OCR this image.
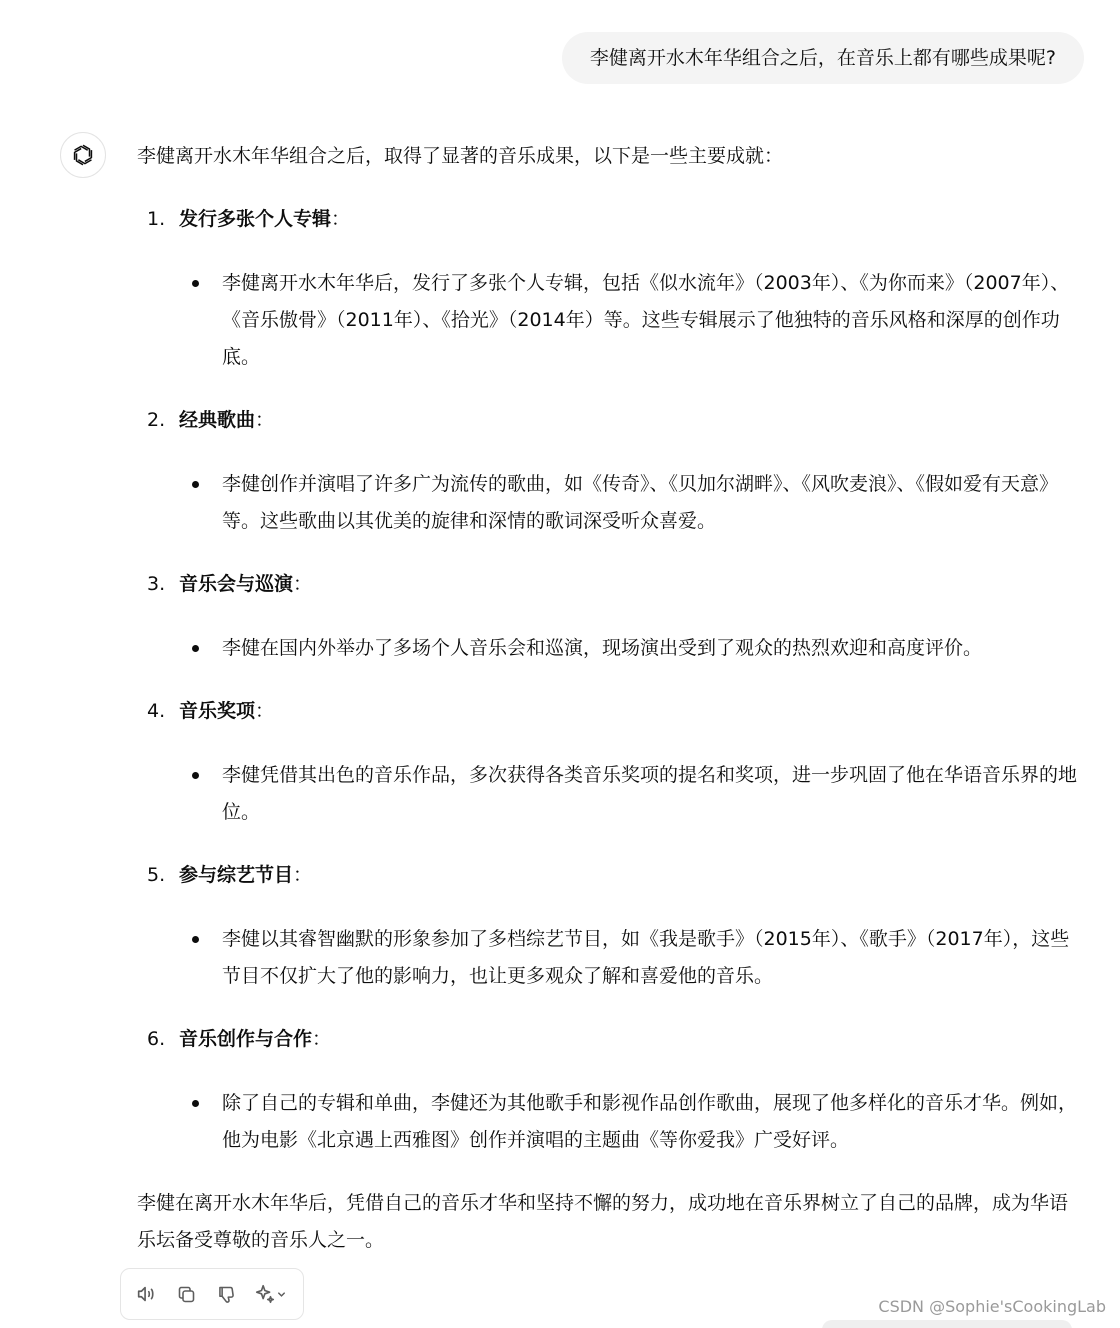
李健离开水木年华组合之后，在音乐上都有哪些成果呢?

李健离开水木年华组合之后，取得了显著的音乐成果，以下是一些主要成就：

1. 发行多张个人专辑：
李健离开水木年华后，发行了多张个人专辑，包括《似水流年》（2003年）、《为你而来》（2007年）、《音乐傲骨》（2011年）、《拾光》（2014年）等。这些专辑展示了他独特的音乐风格和深厚的创作功底。
2. 经典歌曲：
李健创作并演唱了许多广为流传的歌曲，如《传奇》、《贝加尔湖畔》、《风吹麦浪》、《假如爱有天意》等。这些歌曲以其优美的旋律和深情的歌词深受听众喜爱。
3. 音乐会与巡演：
李健在国内外举办了多场个人音乐会和巡演，现场演出受到了观众的热烈欢迎和高度评价。
4. 音乐奖项：
李健凭借其出色的音乐作品，多次获得各类音乐奖项的提名和奖项，进一步巩固了他在华语音乐界的地位。
5. 参与综艺节目：
李健以其睿智幽默的形象参加了多档综艺节目，如《我是歌手》（2015年）、《歌手》（2017年），这些节目不仅扩大了他的影响力，也让更多观众了解和喜爱他的音乐。
6. 音乐创作与合作：
除了自己的专辑和单曲，李健还为其他歌手和影视作品创作歌曲，展现了他多样化的音乐才华。例如，他为电影《北京遇上西雅图》创作并演唱的主题曲《等你爱我》广受好评。

李健在离开水木年华后，凭借自己的音乐才华和坚持不懈的努力，成功地在音乐界树立了自己的品牌，成为华语乐坛备受尊敬的音乐人之一。

CSDN @Sophie'sCookingLab
